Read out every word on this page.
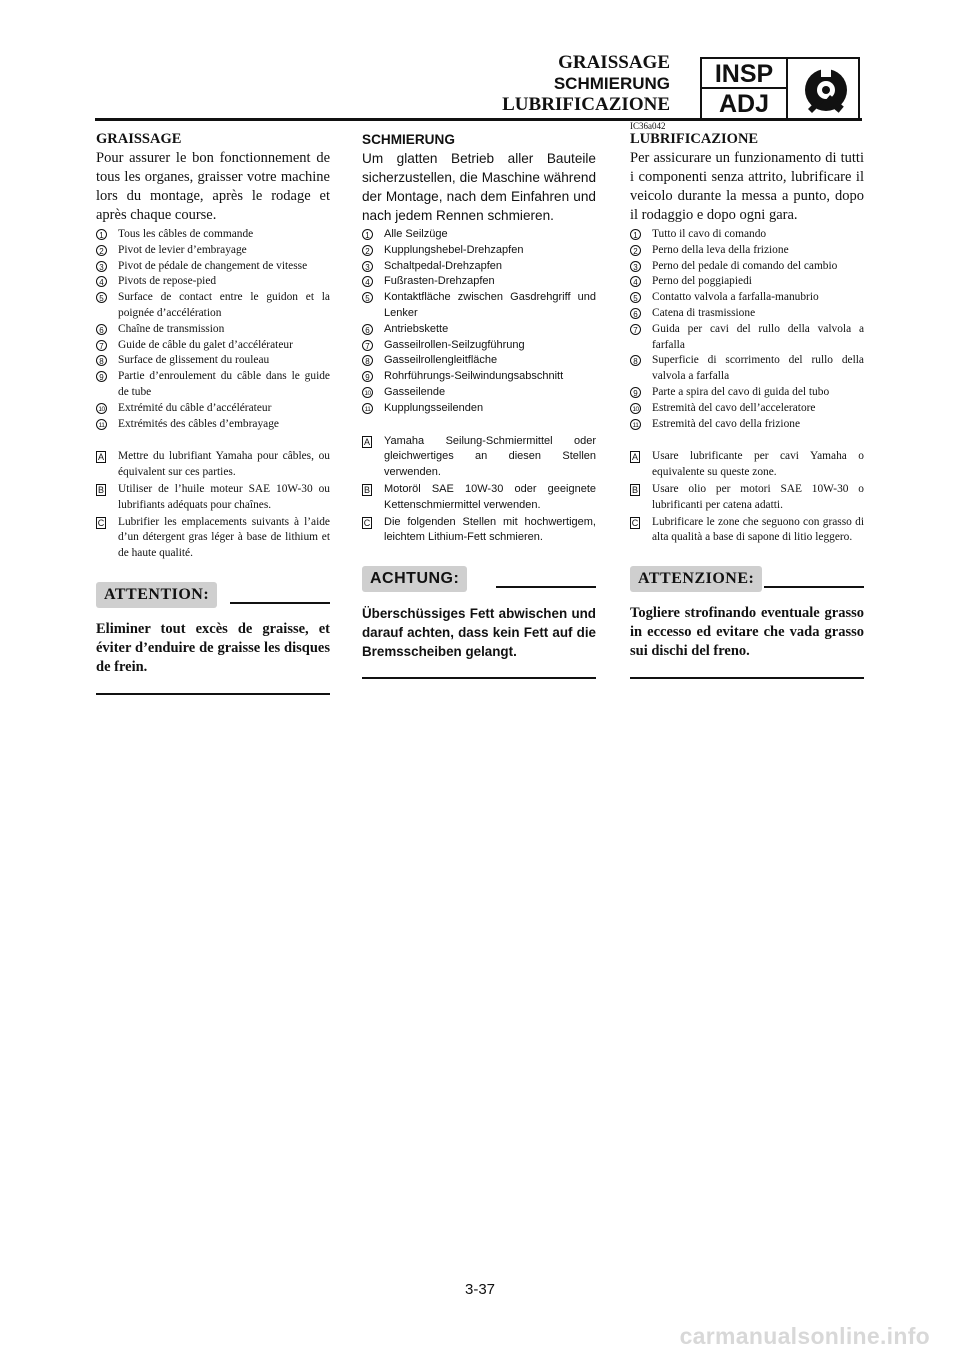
GRAISSAGE
SCHMIERUNG
LUBRIFICAZIONE
INSP
ADJ
IC36a042

GRAISSAGE

Pour assurer le bon fonctionnement de tous les organes, graisser votre machine lors du montage, après le rodage et après chaque course.

1 Tous les câbles de commande
2 Pivot de levier d’embrayage
3 Pivot de pédale de changement de vitesse
4 Pivots de repose-pied
5 Surface de contact entre le guidon et la poignée d’accélération
6 Chaîne de transmission
7 Guide de câble du galet d’accélérateur
8 Surface de glissement du rouleau
9 Partie d’enroulement du câble dans le guide de tube
10 Extrémité du câble d’accélérateur
11 Extrémités des câbles d’embrayage
A Mettre du lubrifiant Yamaha pour câbles, ou équivalent sur ces parties.
B Utiliser de l’huile moteur SAE 10W-30 ou lubrifiants adéquats pour chaînes.
C Lubrifier les emplacements suivants à l’aide d’un détergent gras léger à base de lithium et de haute qualité.
ATTENTION:

Eliminer tout excès de graisse, et éviter d’enduire de graisse les disques de frein.

SCHMIERUNG

Um glatten Betrieb aller Bauteile sicherzustellen, die Maschine während der Montage, nach dem Einfahren und nach jedem Rennen schmieren.

1 Alle Seilzüge
2 Kupplungshebel-Drehzapfen
3 Schaltpedal-Drehzapfen
4 Fußrasten-Drehzapfen
5 Kontaktfläche zwischen Gasdrehgriff und Lenker
6 Antriebskette
7 Gasseilrollen-Seilzugführung
8 Gasseilrollengleitfläche
9 Rohrführungs-Seilwindungsabschnitt
10 Gasseilende
11 Kupplungsseilenden
A Yamaha Seilung-Schmiermittel oder gleichwertiges an diesen Stellen verwenden.
B Motoröl SAE 10W-30 oder geeignete Kettenschmiermittel verwenden.
C Die folgenden Stellen mit hochwertigem, leichtem Lithium-Fett schmieren.
ACHTUNG:

Überschüssiges Fett abwischen und darauf achten, dass kein Fett auf die Bremsscheiben gelangt.

LUBRIFICAZIONE

Per assicurare un funzionamento di tutti i componenti senza attrito, lubrificare il veicolo durante la messa a punto, dopo il rodaggio e dopo ogni gara.

1 Tutto il cavo di comando
2 Perno della leva della frizione
3 Perno del pedale di comando del cambio
4 Perno del poggiapiedi
5 Contatto valvola a farfalla-manubrio
6 Catena di trasmissione
7 Guida per cavi del rullo della valvola a farfalla
8 Superficie di scorrimento del rullo della valvola a farfalla
9 Parte a spira del cavo di guida del tubo
10 Estremità del cavo dell’acceleratore
11 Estremità del cavo della frizione
A Usare lubrificante per cavi Yamaha o equivalente su queste zone.
B Usare olio per motori SAE 10W-30 o lubrificanti per catena adatti.
C Lubrificare le zone che seguono con grasso di alta qualità a base di sapone di litio leggero.
ATTENZIONE:

Togliere strofinando eventuale grasso in eccesso ed evitare che vada grasso sui dischi del freno.

3-37
carmanualsonline.info
